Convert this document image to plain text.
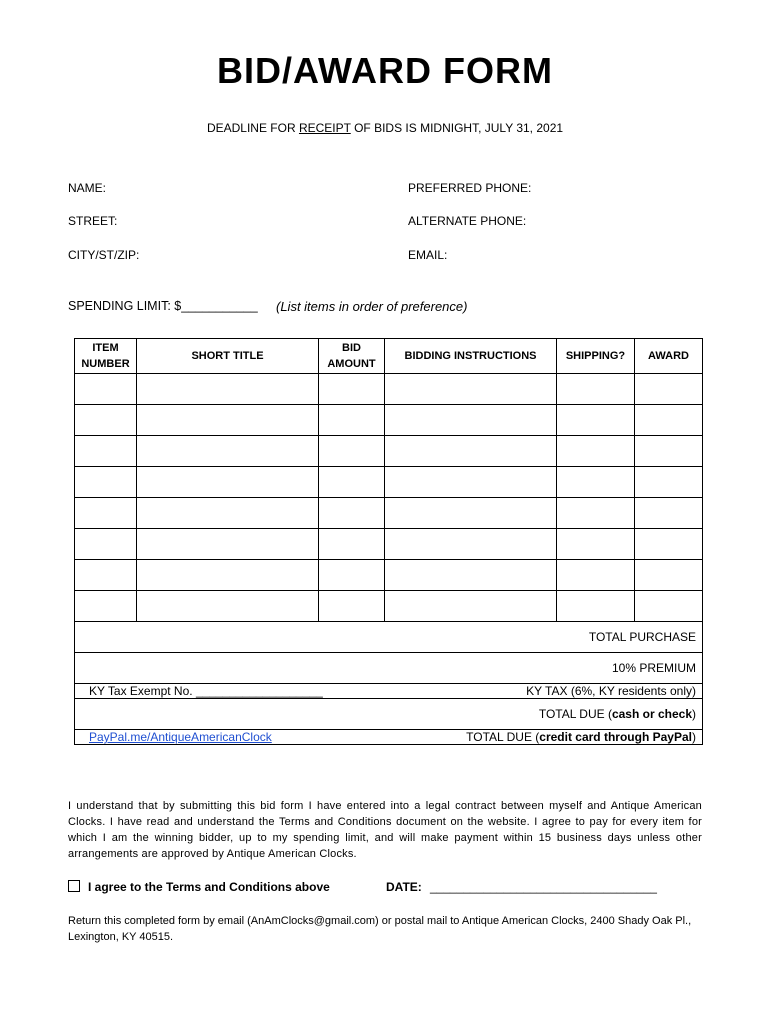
BID/AWARD FORM
DEADLINE FOR RECEIPT OF BIDS IS MIDNIGHT, JULY 31, 2021
NAME:
STREET:
CITY/ST/ZIP:
PREFERRED PHONE:
ALTERNATE PHONE:
EMAIL:
SPENDING LIMIT: $___________ (List items in order of preference)
ITEM NUMBER	SHORT TITLE	BID AMOUNT	BIDDING INSTRUCTIONS	SHIPPING?	AWARD

TOTAL PURCHASE					
10% PREMIUM					
KY Tax Exempt No. ___________________			KY TAX (6%, KY residents only)		
TOTAL DUE (cash or check)					
PayPal.me/AntiqueAmericanClock			TOTAL DUE (credit card through PayPal)		
I understand that by submitting this bid form I have entered into a legal contract between myself and Antique American Clocks. I have read and understand the Terms and Conditions document on the website. I agree to pay for every item for which I am the winning bidder, up to my spending limit, and will make payment within 15 business days unless other arrangements are approved by Antique American Clocks.
I agree to the Terms and Conditions above	DATE: __________________________________
Return this completed form by email (AnAmClocks@gmail.com) or postal mail to Antique American Clocks, 2400 Shady Oak Pl., Lexington, KY 40515.
